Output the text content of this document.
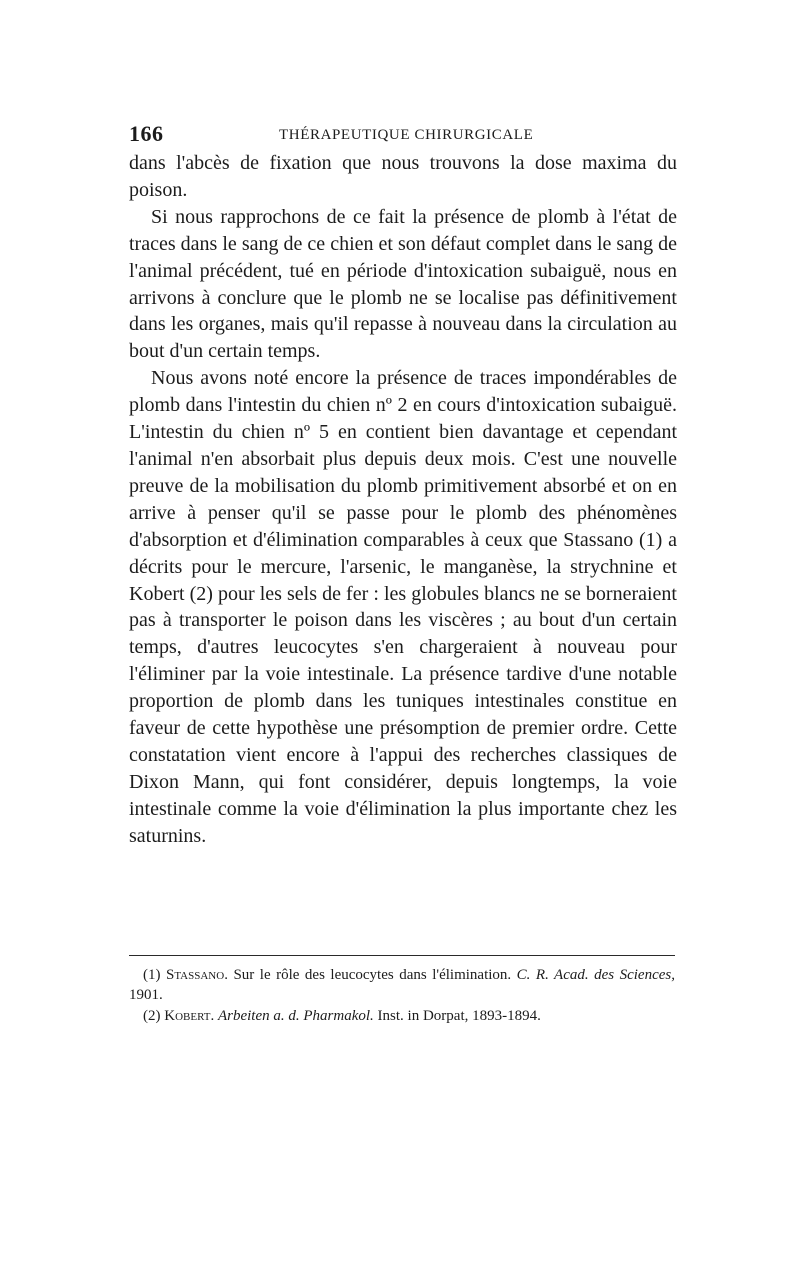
166	THÉRAPEUTIQUE CHIRURGICALE

dans l'abcès de fixation que nous trouvons la dose maxima du poison.

Si nous rapprochons de ce fait la présence de plomb à l'état de traces dans le sang de ce chien et son défaut complet dans le sang de l'animal précédent, tué en période d'intoxication subaiguë, nous en arrivons à conclure que le plomb ne se localise pas définitivement dans les organes, mais qu'il repasse à nouveau dans la circulation au bout d'un certain temps.

Nous avons noté encore la présence de traces impondérables de plomb dans l'intestin du chien nº 2 en cours d'intoxication subaiguë. L'intestin du chien nº 5 en contient bien davantage et cependant l'animal n'en absorbait plus depuis deux mois. C'est une nouvelle preuve de la mobilisation du plomb primitivement absorbé et on en arrive à penser qu'il se passe pour le plomb des phénomènes d'absorption et d'élimination comparables à ceux que Stassano (1) a décrits pour le mercure, l'arsenic, le manganèse, la strychnine et Kobert (2) pour les sels de fer : les globules blancs ne se borneraient pas à transporter le poison dans les viscères ; au bout d'un certain temps, d'autres leucocytes s'en chargeraient à nouveau pour l'éliminer par la voie intestinale. La présence tardive d'une notable proportion de plomb dans les tuniques intestinales constitue en faveur de cette hypothèse une présomption de premier ordre. Cette constatation vient encore à l'appui des recherches classiques de Dixon Mann, qui font considérer, depuis longtemps, la voie intestinale comme la voie d'élimination la plus importante chez les saturnins.

(1) Stassano. Sur le rôle des leucocytes dans l'élimination. C. R. Acad. des Sciences, 1901.

(2) Kobert. Arbeiten a. d. Pharmakol. Inst. in Dorpat, 1893-1894.
